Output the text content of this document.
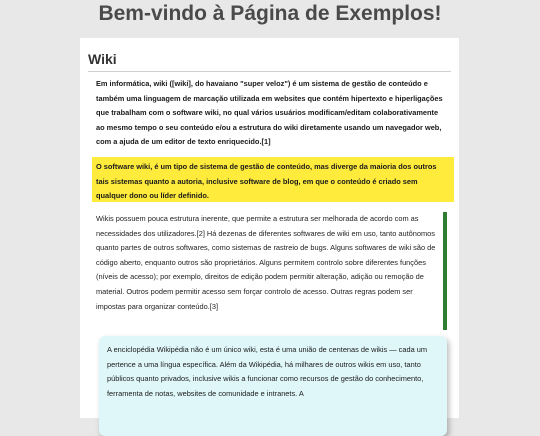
Bem-vindo à Página de Exemplos!
Wiki

Em informática, wiki ([wiki], do havaiano "super veloz") é um sistema de gestão de conteúdo e também uma linguagem de marcação utilizada em websites que contém hipertexto e hiperligações que trabalham com o software wiki, no qual vários usuários modificam/editam colaborativamente ao mesmo tempo o seu conteúdo e/ou a estrutura do wiki diretamente usando um navegador web, com a ajuda de um editor de texto enriquecido.[1]

O software wiki, é um tipo de sistema de gestão de conteúdo, mas diverge da maioria dos outros tais sistemas quanto a autoria, inclusive software de blog, em que o conteúdo é criado sem qualquer dono ou líder definido.

Wikis possuem pouca estrutura inerente, que permite a estrutura ser melhorada de acordo com as necessidades dos utilizadores.[2] Há dezenas de diferentes softwares de wiki em uso, tanto autônomos quanto partes de outros softwares, como sistemas de rastreio de bugs. Alguns softwares de wiki são de código aberto, enquanto outros são proprietários. Alguns permitem controlo sobre diferentes funções (níveis de acesso); por exemplo, direitos de edição podem permitir alteração, adição ou remoção de material. Outros podem permitir acesso sem forçar controlo de acesso. Outras regras podem ser impostas para organizar conteúdo.[3]

A enciclopédia Wikipédia não é um único wiki, esta é uma união de centenas de wikis — cada um pertence a uma língua específica. Além da Wikipédia, há milhares de outros wikis em uso, tanto públicos quanto privados, inclusive wikis a funcionar como recursos de gestão do conhecimento, ferramenta de notas, websites de comunidade e intranets. A
